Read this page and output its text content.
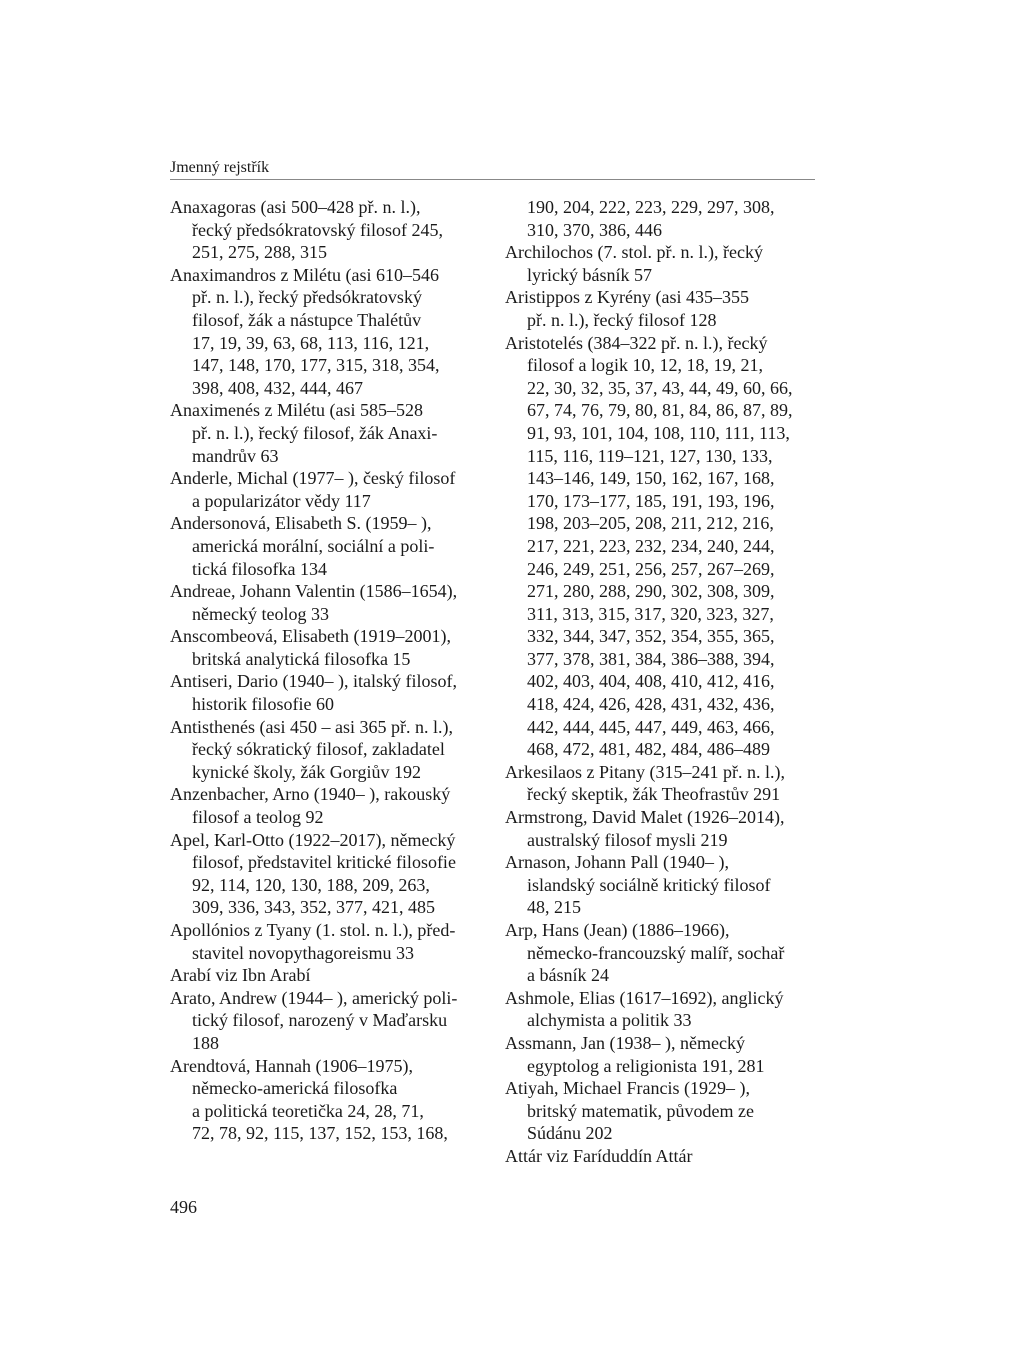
Jmenný rejstřík
Anaxagoras (asi 500–428 př. n. l.),
řecký předsókratovský filosof 245,
251, 275, 288, 315
Anaximandros z Milétu (asi 610–546
př. n. l.), řecký předsókratovský
filosof, žák a nástupce Thalétův
17, 19, 39, 63, 68, 113, 116, 121,
147, 148, 170, 177, 315, 318, 354,
398, 408, 432, 444, 467
Anaximenés z Milétu (asi 585–528
př. n. l.), řecký filosof, žák Anaxi-
mandrův 63
Anderle, Michal (1977– ), český filosof
a popularizátor vědy 117
Andersonová, Elisabeth S. (1959– ),
americká morální, sociální a poli-
tická filosofka 134
Andreae, Johann Valentin (1586–1654),
německý teolog 33
Anscombeová, Elisabeth (1919–2001),
britská analytická filosofka 15
Antiseri, Dario (1940– ), italský filosof,
historik filosofie 60
Antisthenés (asi 450 – asi 365 př. n. l.),
řecký sókratický filosof, zakladatel
kynické školy, žák Gorgiův 192
Anzenbacher, Arno (1940– ), rakouský
filosof a teolog 92
Apel, Karl-Otto (1922–2017), německý
filosof, představitel kritické filosofie
92, 114, 120, 130, 188, 209, 263,
309, 336, 343, 352, 377, 421, 485
Apollónios z Tyany (1. stol. n. l.), před-
stavitel novopythagoreismu 33
Arabí viz Ibn Arabí
Arato, Andrew (1944– ), americký poli-
tický filosof, narozený v Maďarsku
188
Arendtová, Hannah (1906–1975),
německo-americká filosofka
a politická teoretička 24, 28, 71,
72, 78, 92, 115, 137, 152, 153, 168,
190, 204, 222, 223, 229, 297, 308,
310, 370, 386, 446
Archilochos (7. stol. př. n. l.), řecký
lyrický básník 57
Aristippos z Kyrény (asi 435–355
př. n. l.), řecký filosof 128
Aristotelés (384–322 př. n. l.), řecký
filosof a logik 10, 12, 18, 19, 21,
22, 30, 32, 35, 37, 43, 44, 49, 60, 66,
67, 74, 76, 79, 80, 81, 84, 86, 87, 89,
91, 93, 101, 104, 108, 110, 111, 113,
115, 116, 119–121, 127, 130, 133,
143–146, 149, 150, 162, 167, 168,
170, 173–177, 185, 191, 193, 196,
198, 203–205, 208, 211, 212, 216,
217, 221, 223, 232, 234, 240, 244,
246, 249, 251, 256, 257, 267–269,
271, 280, 288, 290, 302, 308, 309,
311, 313, 315, 317, 320, 323, 327,
332, 344, 347, 352, 354, 355, 365,
377, 378, 381, 384, 386–388, 394,
402, 403, 404, 408, 410, 412, 416,
418, 424, 426, 428, 431, 432, 436,
442, 444, 445, 447, 449, 463, 466,
468, 472, 481, 482, 484, 486–489
Arkesilaos z Pitany (315–241 př. n. l.),
řecký skeptik, žák Theofrastův 291
Armstrong, David Malet (1926–2014),
australský filosof mysli 219
Arnason, Johann Pall (1940– ),
islandský sociálně kritický filosof
48, 215
Arp, Hans (Jean) (1886–1966),
německo-francouzský malíř, sochař
a básník 24
Ashmole, Elias (1617–1692), anglický
alchymista a politik 33
Assmann, Jan (1938– ), německý
egyptolog a religionista 191, 281
Atiyah, Michael Francis (1929– ),
britský matematik, původem ze
Súdánu 202
Attár viz Faríduddín Attár
496
